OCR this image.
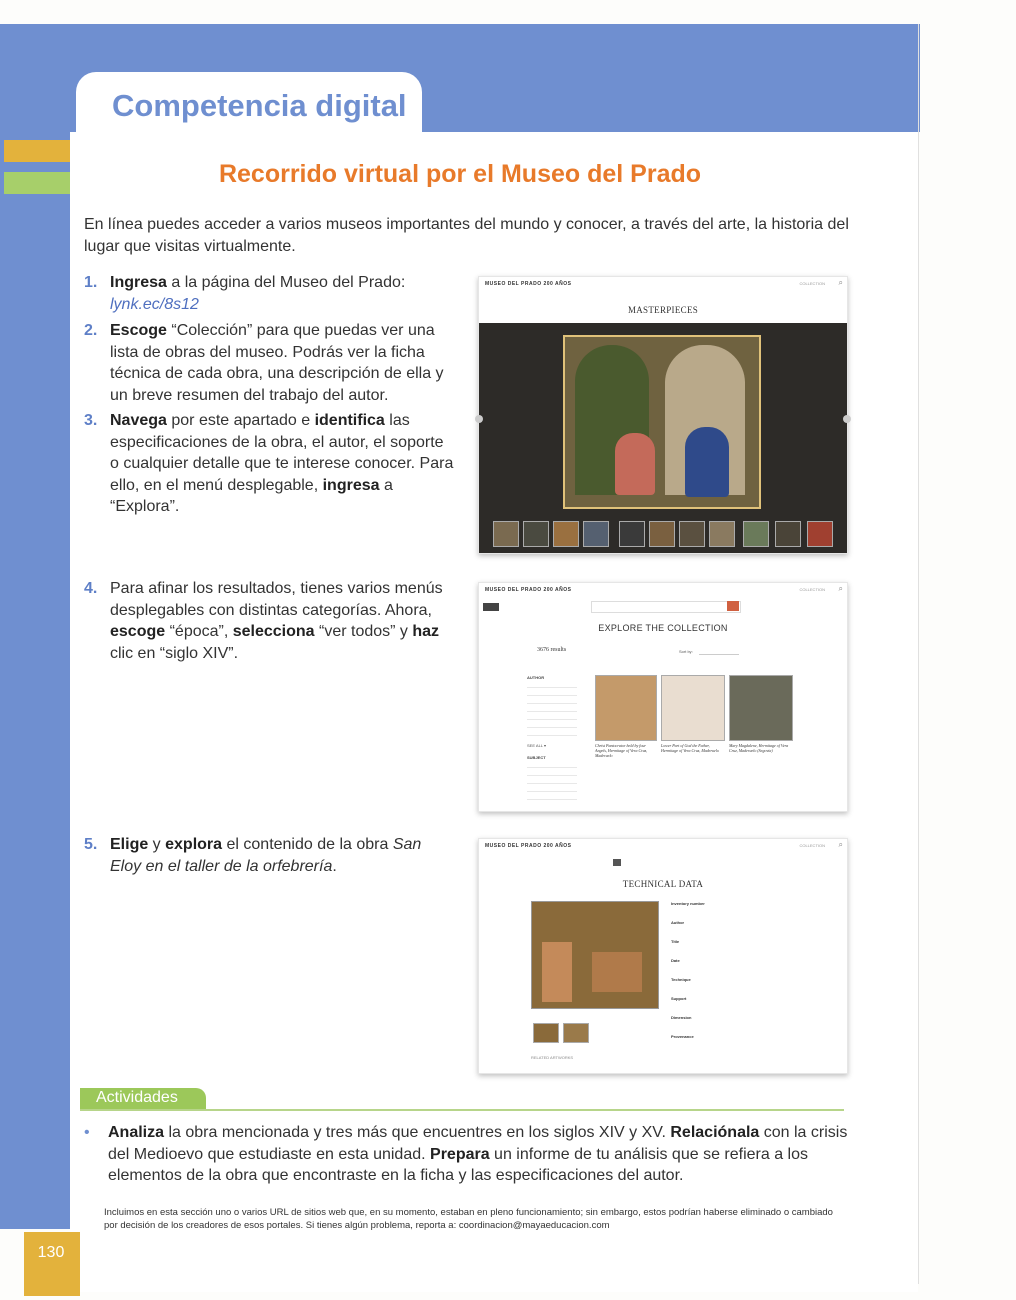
Competencia digital
Recorrido virtual por el Museo del Prado
En línea puedes acceder a varios museos importantes del mundo y conocer, a través del arte, la historia del lugar que visitas virtualmente.
1. Ingresa a la página del Museo del Prado:
lynk.ec/8s12
2. Escoge “Colección” para que puedas ver una lista de obras del museo. Podrás ver la ficha técnica de cada obra, una descripción de ella y un breve resumen del trabajo del autor.
3. Navega por este apartado e identifica las especificaciones de la obra, el autor, el soporte o cualquier detalle que te interese conocer. Para ello, en el menú desplegable, ingresa a “Explora”.
4. Para afinar los resultados, tienes varios menús desplegables con distintas categorías. Ahora, escoge “época”, selecciona “ver todos” y haz clic en “siglo XIV”.
5. Elige y explora el contenido de la obra San Eloy en el taller de la orfebrería.
MUSEO DEL PRADO 200 AÑOS	COLLECTION ⌕
MASTERPIECES
MUSEO DEL PRADO 200 AÑOS	COLLECTION ⌕
EXPLORE THE COLLECTION
3676 results	Sort by:
AUTHOR
SEE ALL ▾
SUBJECT
Christ Pantocrator held by four Angels, Hermitage of Vera Cruz, Maderuelo
Lower Part of God the Father, Hermitage of Vera Cruz, Maderuelo
Mary Magdalene, Hermitage of Vera Cruz, Maderuelo (Segovia)
MUSEO DEL PRADO 200 AÑOS	COLLECTION ⌕
TECHNICAL DATA
RELATED ARTWORKS
Inventory number
Author
Title
Date
Technique
Support
Dimension
Provenance
Actividades
• Analiza la obra mencionada y tres más que encuentres en los siglos XIV y XV. Relaciónala con la crisis del Medioevo que estudiaste en esta unidad. Prepara un informe de tu análisis que se refiera a los elementos de la obra que encontraste en la ficha y las especificaciones del autor.
Incluimos en esta sección uno o varios URL de sitios web que, en su momento, estaban en pleno funcionamiento; sin embargo, estos podrían haberse eliminado o cambiado por decisión de los creadores de esos portales. Si tienes algún problema, reporta a: coordinacion@mayaeducacion.com
130
